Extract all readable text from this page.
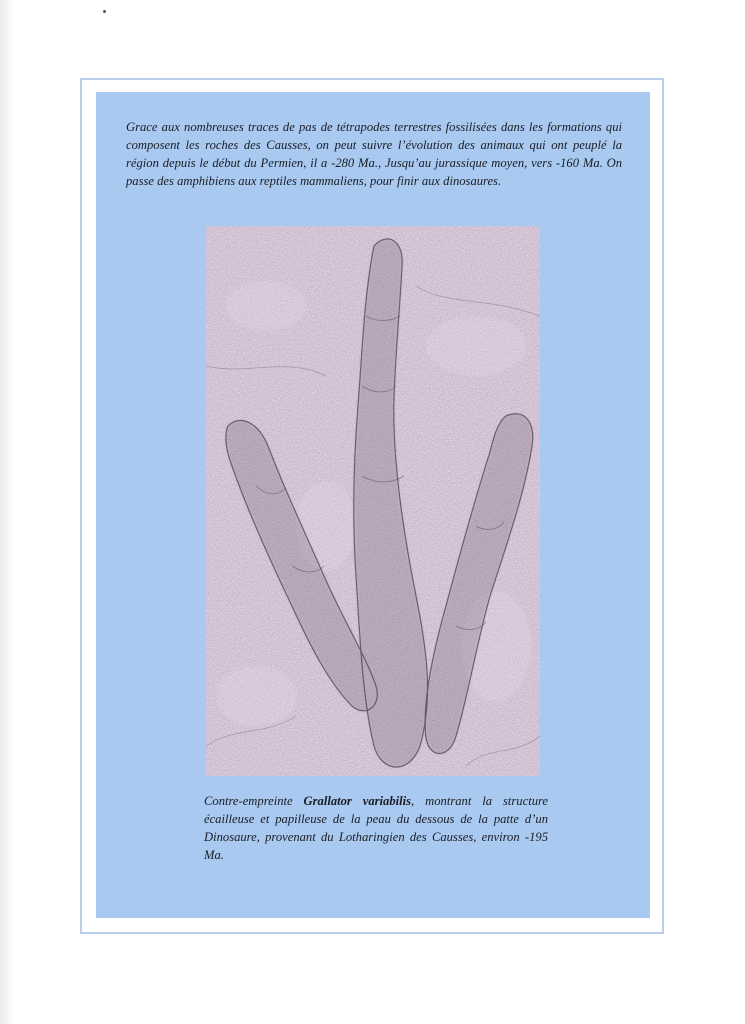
Grace aux nombreuses traces de pas de tétrapodes terrestres fossilisées dans les formations qui composent les roches des Causses, on peut suivre l’évolution des animaux qui ont peuplé la région depuis le début du Permien, il a -280 Ma., Jusqu’au jurassique moyen, vers -160 Ma. On passe des amphibiens aux reptiles mammaliens, pour finir aux dinosaures.

Contre-empreinte Grallator variabilis, montrant la structure écailleuse et papilleuse de la peau du dessous de la patte d’un Dinosaure, provenant du Lotharingien des Causses, environ -195 Ma.
